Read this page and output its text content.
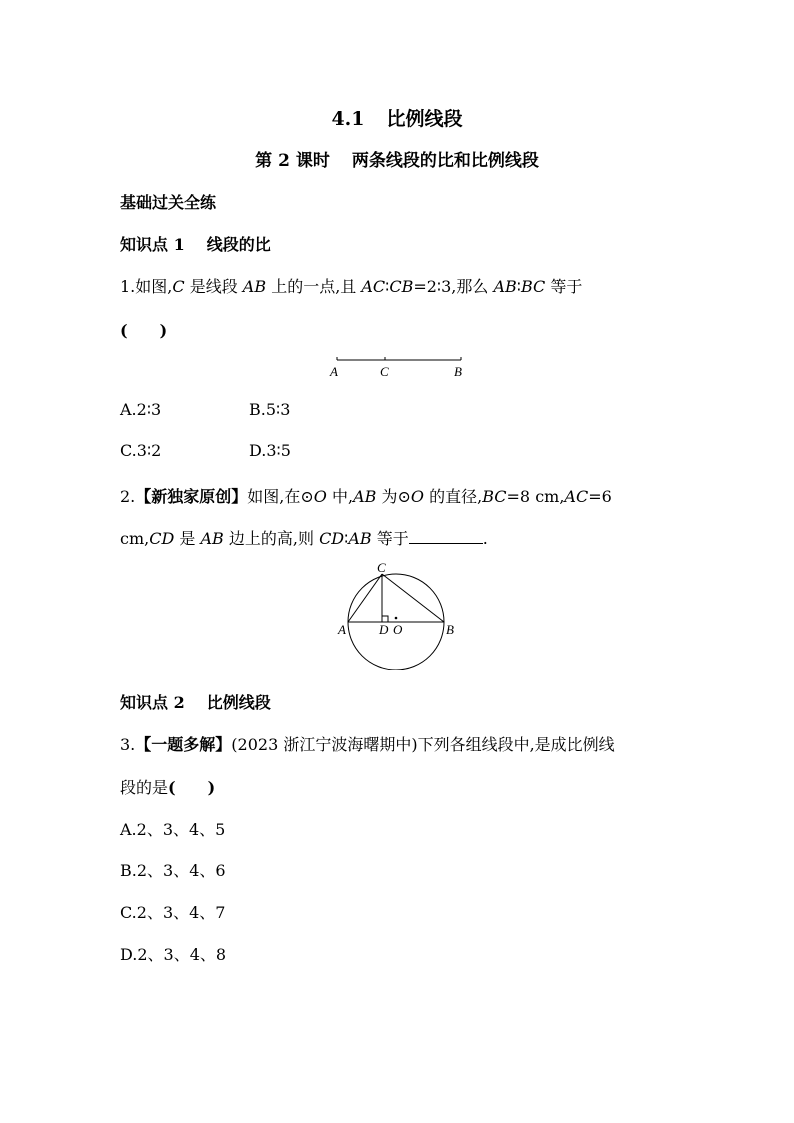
4.1 比例线段
第 2 课时 两条线段的比和比例线段
基础过关全练
知识点 1 线段的比
1.如图,C 是线段 AB 上的一点,且 AC∶CB=2∶3,那么 AB∶BC 等于
(　　)
A	C	B
A.2∶3	B.5∶3
C.3∶2	D.3∶5
2.【新独家原创】如图,在⊙O 中,AB 为⊙O 的直径,BC=8 cm,AC=6
cm,CD 是 AB 边上的高,则 CD∶AB 等于	.
C
A	B
D O
知识点 2 比例线段
3.【一题多解】(2023 浙江宁波海曙期中)下列各组线段中,是成比例线
段的是(　　)
A.2、3、4、5
B.2、3、4、6
C.2、3、4、7
D.2、3、4、8
